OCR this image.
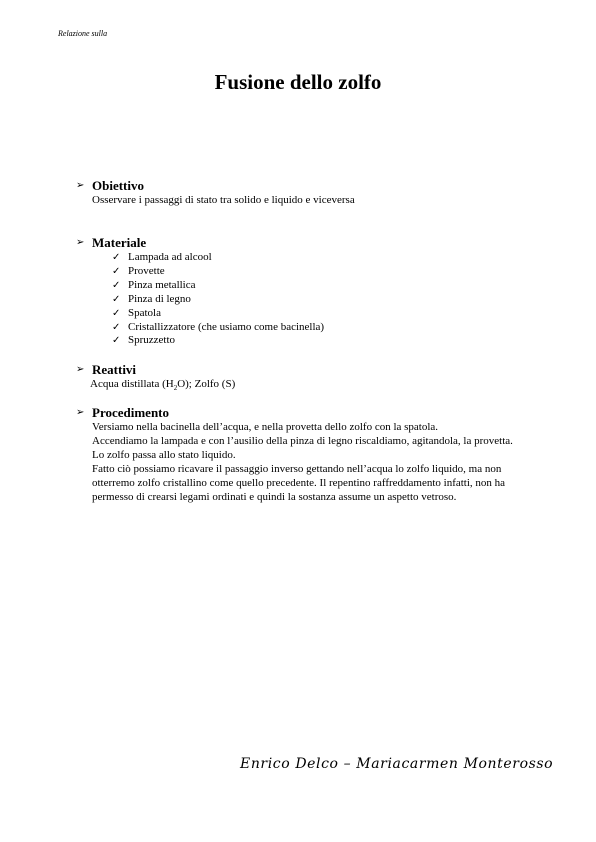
Relazione sulla
Fusione dello zolfo
➢ Obiettivo
Osservare i passaggi di stato tra solido e liquido e viceversa
➢ Materiale
✓ Lampada ad alcool
✓ Provette
✓ Pinza metallica
✓ Pinza di legno
✓ Spatola
✓ Cristallizzatore (che usiamo come bacinella)
✓ Spruzzetto
➢ Reattivi
Acqua distillata $(H_2O)$; Zolfo (S)
➢ Procedimento

Versiamo nella bacinella dell’acqua, e nella provetta dello zolfo con la spatola.

Accendiamo la lampada e con l’ausilio della pinza di legno riscaldiamo, agitandola, la provetta.

Lo zolfo passa allo stato liquido.

Fatto ciò possiamo ricavare il passaggio inverso gettando nell’acqua lo zolfo liquido, ma non otterremo zolfo cristallino come quello precedente. Il repentino raffreddamento infatti, non ha permesso di crearsi legami ordinati e quindi la sostanza assume un aspetto vetroso.

Enrico Delco – Mariacarmen Monterosso
